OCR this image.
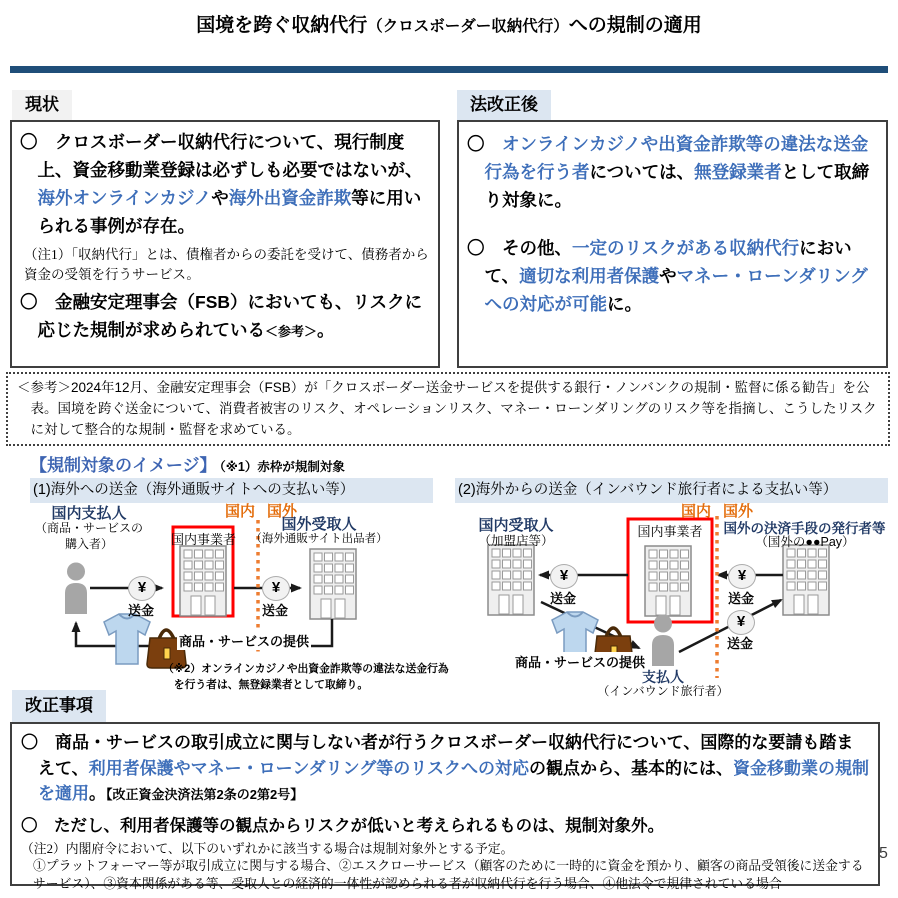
国境を跨ぐ収納代行（クロスボーダー収納代行）への規制の適用
現状
〇　クロスボーダー収納代行について、現行制度上、資金移動業登録は必ずしも必要ではないが、海外オンラインカジノや海外出資金詐欺等に用いられる事例が存在。
（注1）「収納代行」とは、債権者からの委託を受けて、債務者から資金の受領を行うサービス。
〇　金融安定理事会（FSB）においても、リスクに応じた規制が求められている＜参考＞。
法改正後
〇　オンラインカジノや出資金詐欺等の違法な送金行為を行う者については、無登録業者として取締り対象に。
〇　その他、一定のリスクがある収納代行において、適切な利用者保護やマネー・ローンダリングへの対応が可能に。
＜参考＞2024年12月、金融安定理事会（FSB）が「クロスボーダー送金サービスを提供する銀行・ノンバンクの規制・監督に係る勧告」を公表。国境を跨ぐ送金について、消費者被害のリスク、オペレーションリスク、マネー・ローンダリングのリスク等を指摘し、こうしたリスクに対して整合的な規制・監督を求めている。
【規制対象のイメージ】 （※1）赤枠が規制対象
(1)海外への送金（海外通販サイトへの支払い等）	(2)海外からの送金（インバウンド旅行者による支払い等）
国内支払人
（商品・サービスの購入者）
国内 国外
国内事業者
国外受取人
（海外通販サイト出品者）
¥
送金
¥
送金
商品・サービスの提供
（※2）オンラインカジノや出資金詐欺等の違法な送金行為
を行う者は、無登録業者として取締り。
国内受取人
（加盟店等）
国内 国外
国内事業者	国外の決済手段の発行者等
（国外の●●Pay）
¥
送金
¥
送金
¥
送金
商品・サービスの提供
支払人
（インバウンド旅行者）
改正事項
〇　商品・サービスの取引成立に関与しない者が行うクロスボーダー収納代行について、国際的な要請も踏まえて、利用者保護やマネー・ローンダリング等のリスクへの対応の観点から、基本的には、資金移動業の規制を適用。【改正資金決済法第2条の2第2号】
〇　ただし、利用者保護等の観点からリスクが低いと考えられるものは、規制対象外。
（注2）内閣府令において、以下のいずれかに該当する場合は規制対象外とする予定。
①プラットフォーマー等が取引成立に関与する場合、②エスクローサービス（顧客のために一時的に資金を預かり、顧客の商品受領後に送金するサービス）、③資本関係がある等、受取人との経済的一体性が認められる者が収納代行を行う場合、④他法令で規律されている場合
5
